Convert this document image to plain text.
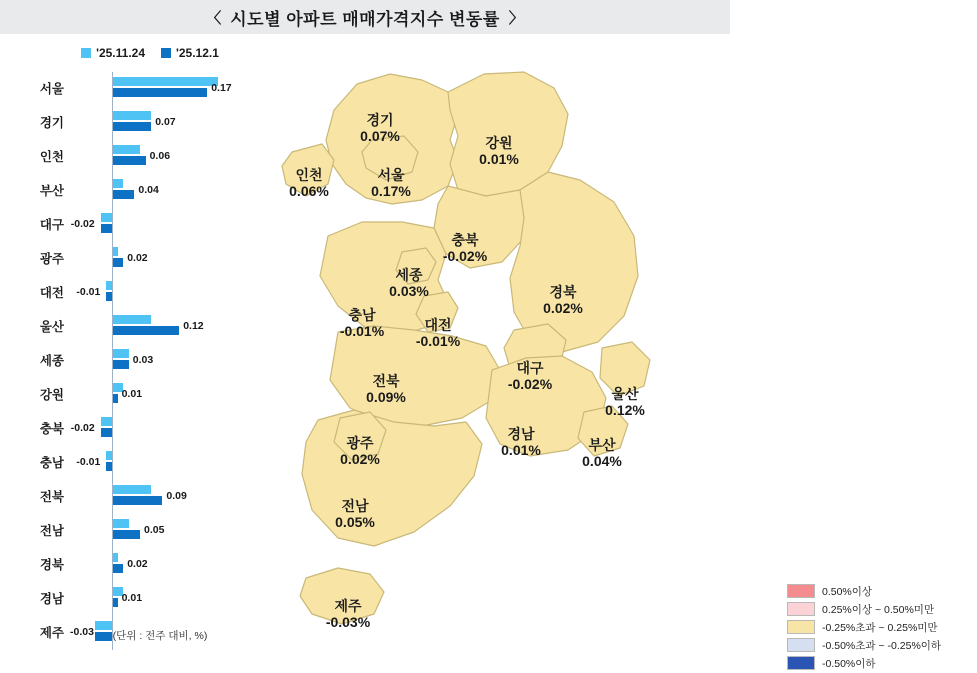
〈 시도별 아파트 매매가격지수 변동률 〉
'25.11.24	'25.12.1
서울	0.17
경기	0.07
인천	0.06
부산	0.04
대구 -0.02
광주	0.02
대전 -0.01
울산	0.12
세종	0.03
강원	0.01
충북 -0.02
충남 -0.01
전북	0.09
전남	0.05
경북	0.02
경남	0.01
제주 -0.03	(단위 : 전주 대비, %)
경기
0.07%	강원
0.01%
인천
0.06%
서울
0.17%
충북
-0.02%
세종
0.03%	경북
0.02%
충남
-0.01%	대전
-0.01%
대구
-0.02%
전북
0.09%	울산
0.12%
경남
0.01%
광주
0.02%
부산
0.04%
전남
0.05%
제주
-0.03%
0.50%이상
0.25%이상 ~ 0.50%미만
-0.25%초과 ~ 0.25%미만
-0.50%초과 ~ -0.25%이하
-0.50%이하
